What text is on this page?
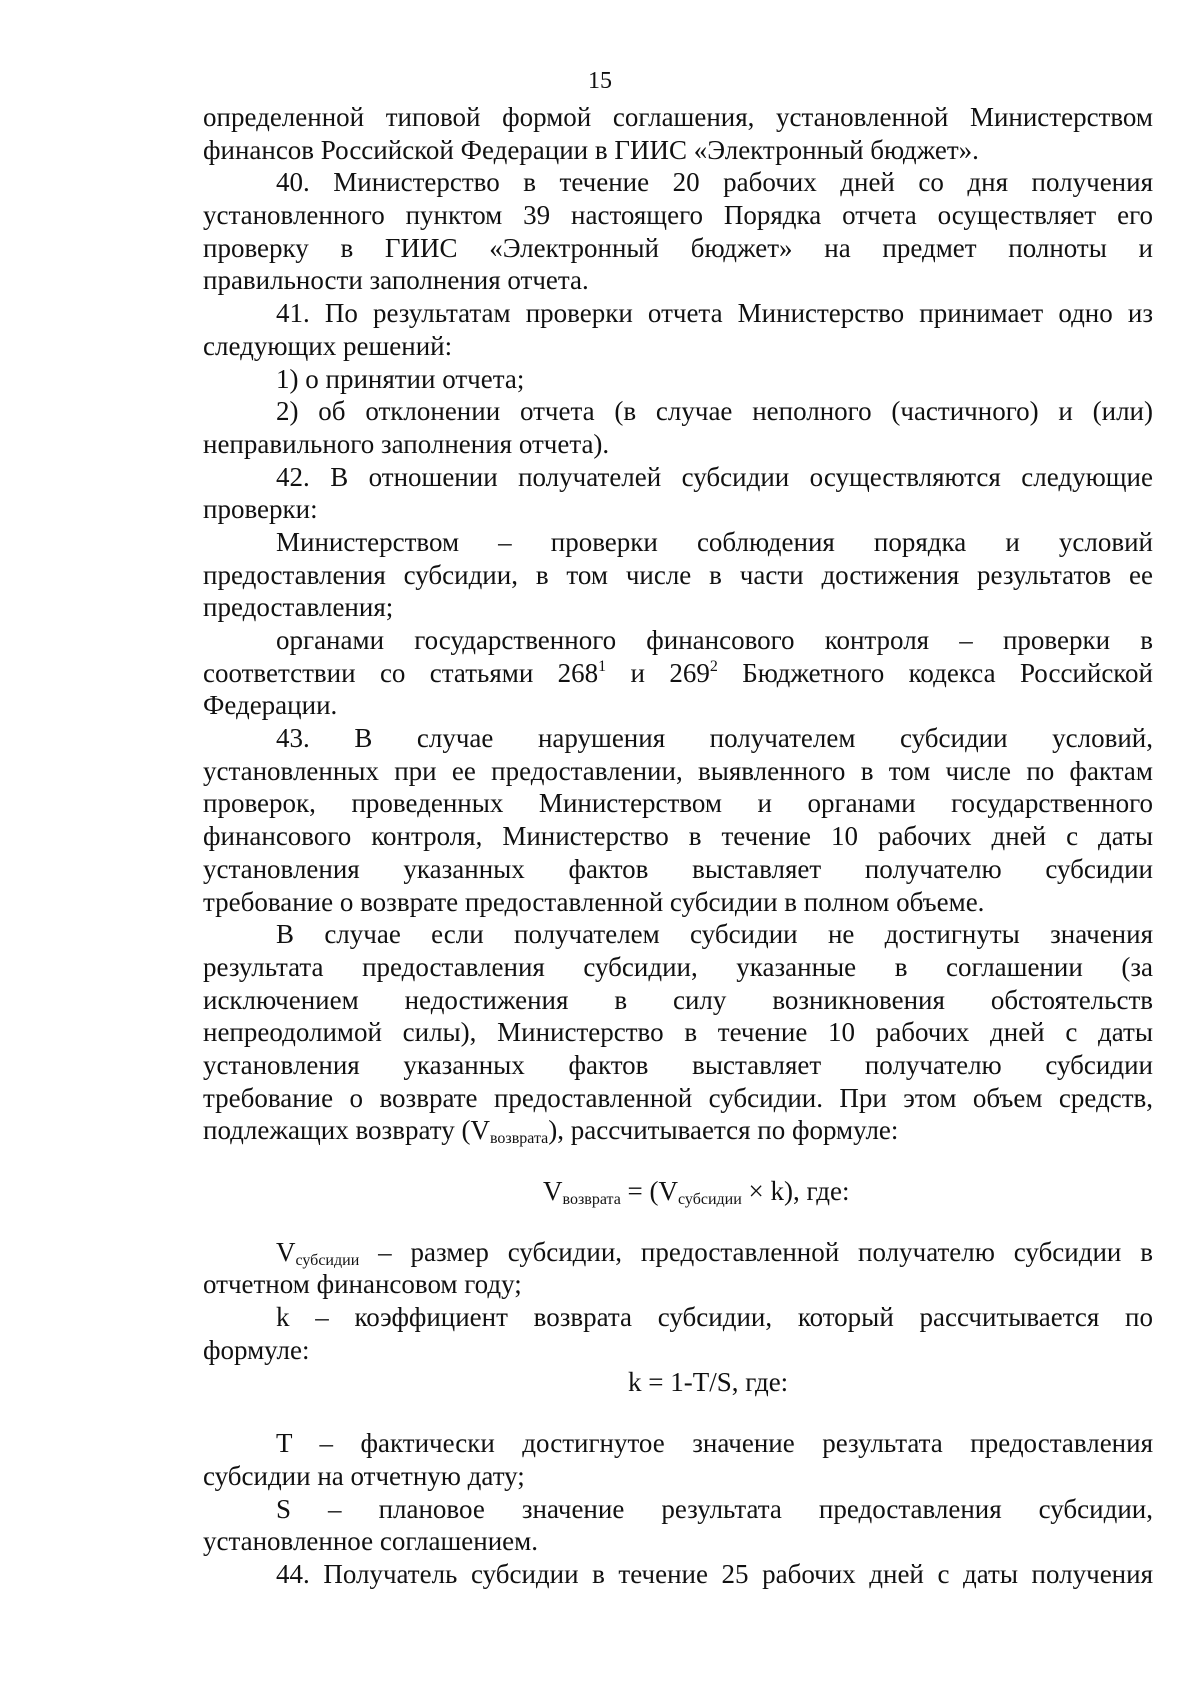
15
определенной типовой формой соглашения, установленной Министерством
финансов Российской Федерации в ГИИС «Электронный бюджет».
40. Министерство в течение 20 рабочих дней со дня получения
установленного пунктом 39 настоящего Порядка отчета осуществляет его
проверку в ГИИС «Электронный бюджет» на предмет полноты и
правильности заполнения отчета.
41. По результатам проверки отчета Министерство принимает одно из
следующих решений:
1) о принятии отчета;
2) об отклонении отчета (в случае неполного (частичного) и (или)
неправильного заполнения отчета).
42. В отношении получателей субсидии осуществляются следующие
проверки:
Министерством – проверки соблюдения порядка и условий
предоставления субсидии, в том числе в части достижения результатов ее
предоставления;
органами государственного финансового контроля – проверки в
соответствии со статьями $268^1$ и $269^2$ Бюджетного кодекса Российской
Федерации.
43. В случае нарушения получателем субсидии условий,
установленных при ее предоставлении, выявленного в том числе по фактам
проверок, проведенных Министерством и органами государственного
финансового контроля, Министерство в течение 10 рабочих дней с даты
установления указанных фактов выставляет получателю субсидии
требование о возврате предоставленной субсидии в полном объеме.
В случае если получателем субсидии не достигнуты значения
результата предоставления субсидии, указанные в соглашении (за
исключением недостижения в силу возникновения обстоятельств
непреодолимой силы), Министерство в течение 10 рабочих дней с даты
установления указанных фактов выставляет получателю субсидии
требование о возврате предоставленной субсидии. При этом объем средств,
подлежащих возврату $(V_{возврата})$, рассчитывается по формуле:
$V_{возврата} = (V_{субсидии} \times k)$, где:
$V_{субсидии}$ – размер субсидии, предоставленной получателю субсидии в
отчетном финансовом году;
k – коэффициент возврата субсидии, который рассчитывается по
формуле:
k = 1-T/S, где:
T – фактически достигнутое значение результата предоставления
субсидии на отчетную дату;
S – плановое значение результата предоставления субсидии,
установленное соглашением.
44. Получатель субсидии в течение 25 рабочих дней с даты получения
